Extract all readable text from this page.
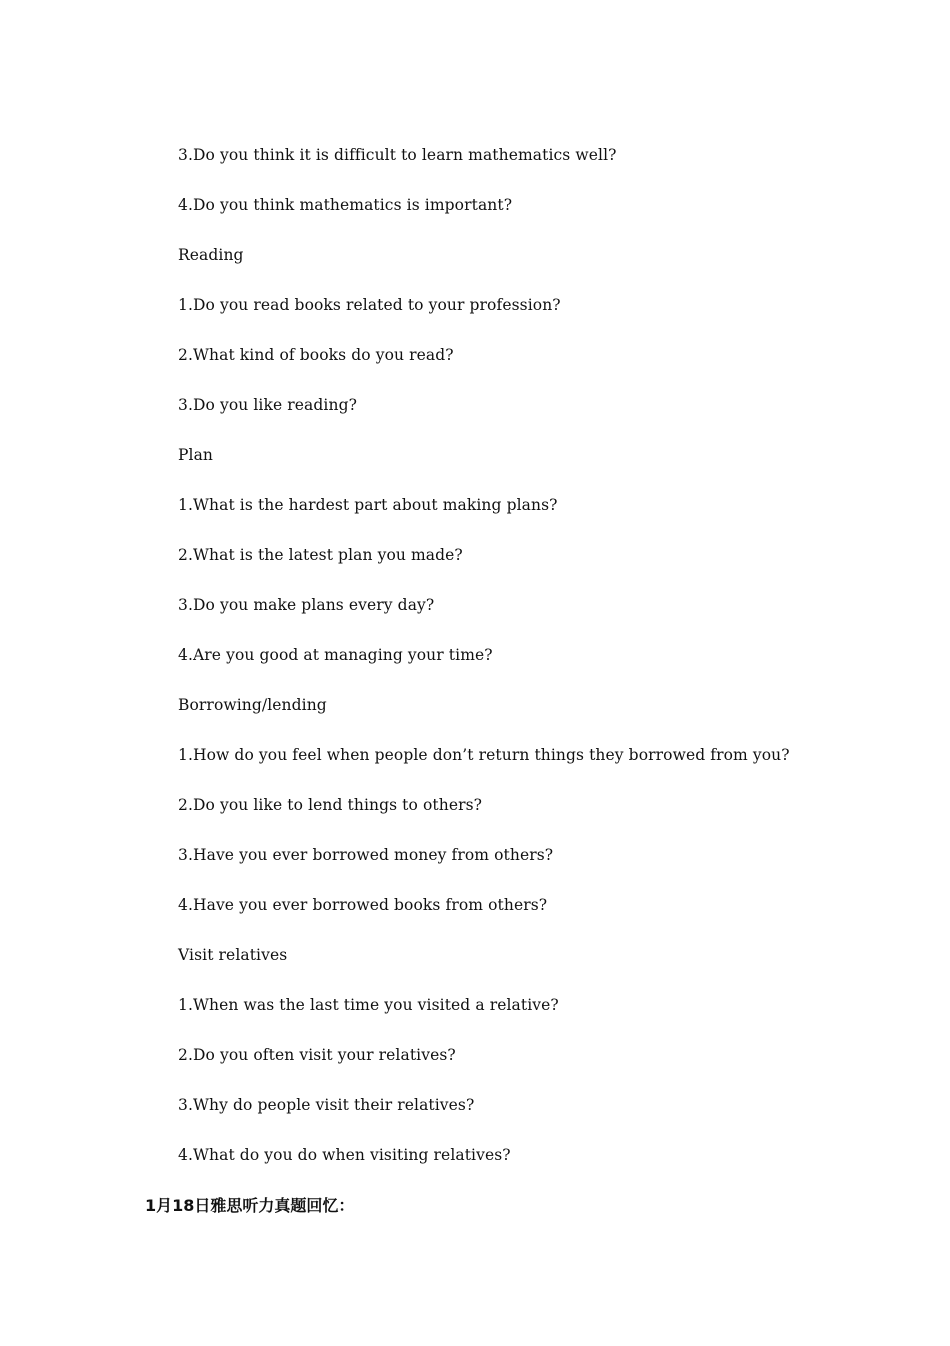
3.Do you think it is difficult to learn mathematics well?
4.Do you think mathematics is important?
Reading
1.Do you read books related to your profession?
2.What kind of books do you read?
3.Do you like reading?
Plan
1.What is the hardest part about making plans?
2.What is the latest plan you made?
3.Do you make plans every day?
4.Are you good at managing your time?
Borrowing/lending
1.How do you feel when people don’t return things they borrowed from you?
2.Do you like to lend things to others?
3.Have you ever borrowed money from others?
4.Have you ever borrowed books from others?
Visit relatives
1.When was the last time you visited a relative?
2.Do you often visit your relatives?
3.Why do people visit their relatives?
4.What do you do when visiting relatives?
1月18日雅思听力真题回忆：
